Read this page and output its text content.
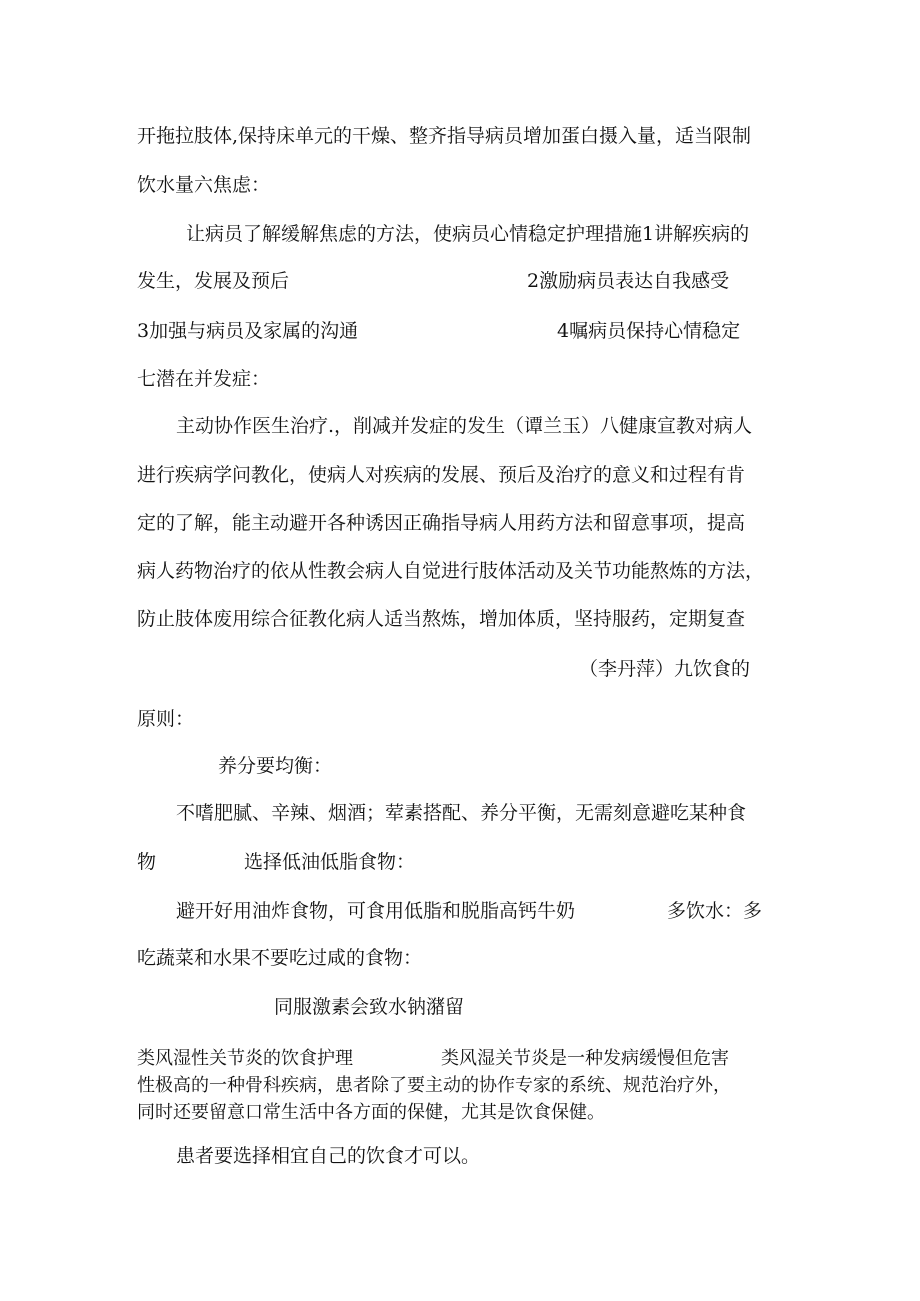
开拖拉肢体,保持床单元的干燥、整齐指导病员增加蛋白摄入量，适当限制
饮水量六焦虑：
让病员了解缓解焦虑的方法，使病员心情稳定护理措施1讲解疾病的
发生，发展及预后	2激励病员表达自我感受
3加强与病员及家属的沟通	4嘱病员保持心情稳定
七潜在并发症：
主动协作医生治疗.，削减并发症的发生（谭兰玉）八健康宣教对病人
进行疾病学问教化，使病人对疾病的发展、预后及治疗的意义和过程有肯
定的了解，能主动避开各种诱因正确指导病人用药方法和留意事项，提高
病人药物治疗的依从性教会病人自觉进行肢体活动及关节功能熬炼的方法，
防止肢体废用综合征教化病人适当熬炼，增加体质，坚持服药，定期复查
（李丹萍）九饮食的
原则：
养分要均衡：
不嗜肥腻、辛辣、烟酒；荤素搭配、养分平衡，无需刻意避吃某种食
物	选择低油低脂食物：
避开好用油炸食物，可食用低脂和脱脂高钙牛奶	多饮水：多
吃蔬菜和水果不要吃过咸的食物：
同服激素会致水钠潴留
类风湿性关节炎的饮食护理	类风湿关节炎是一种发病缓慢但危害
性极高的一种骨科疾病，患者除了要主动的协作专家的系统、规范治疗外，
同时还要留意口常生活中各方面的保健，尤其是饮食保健。
患者要选择相宜自己的饮食才可以。
